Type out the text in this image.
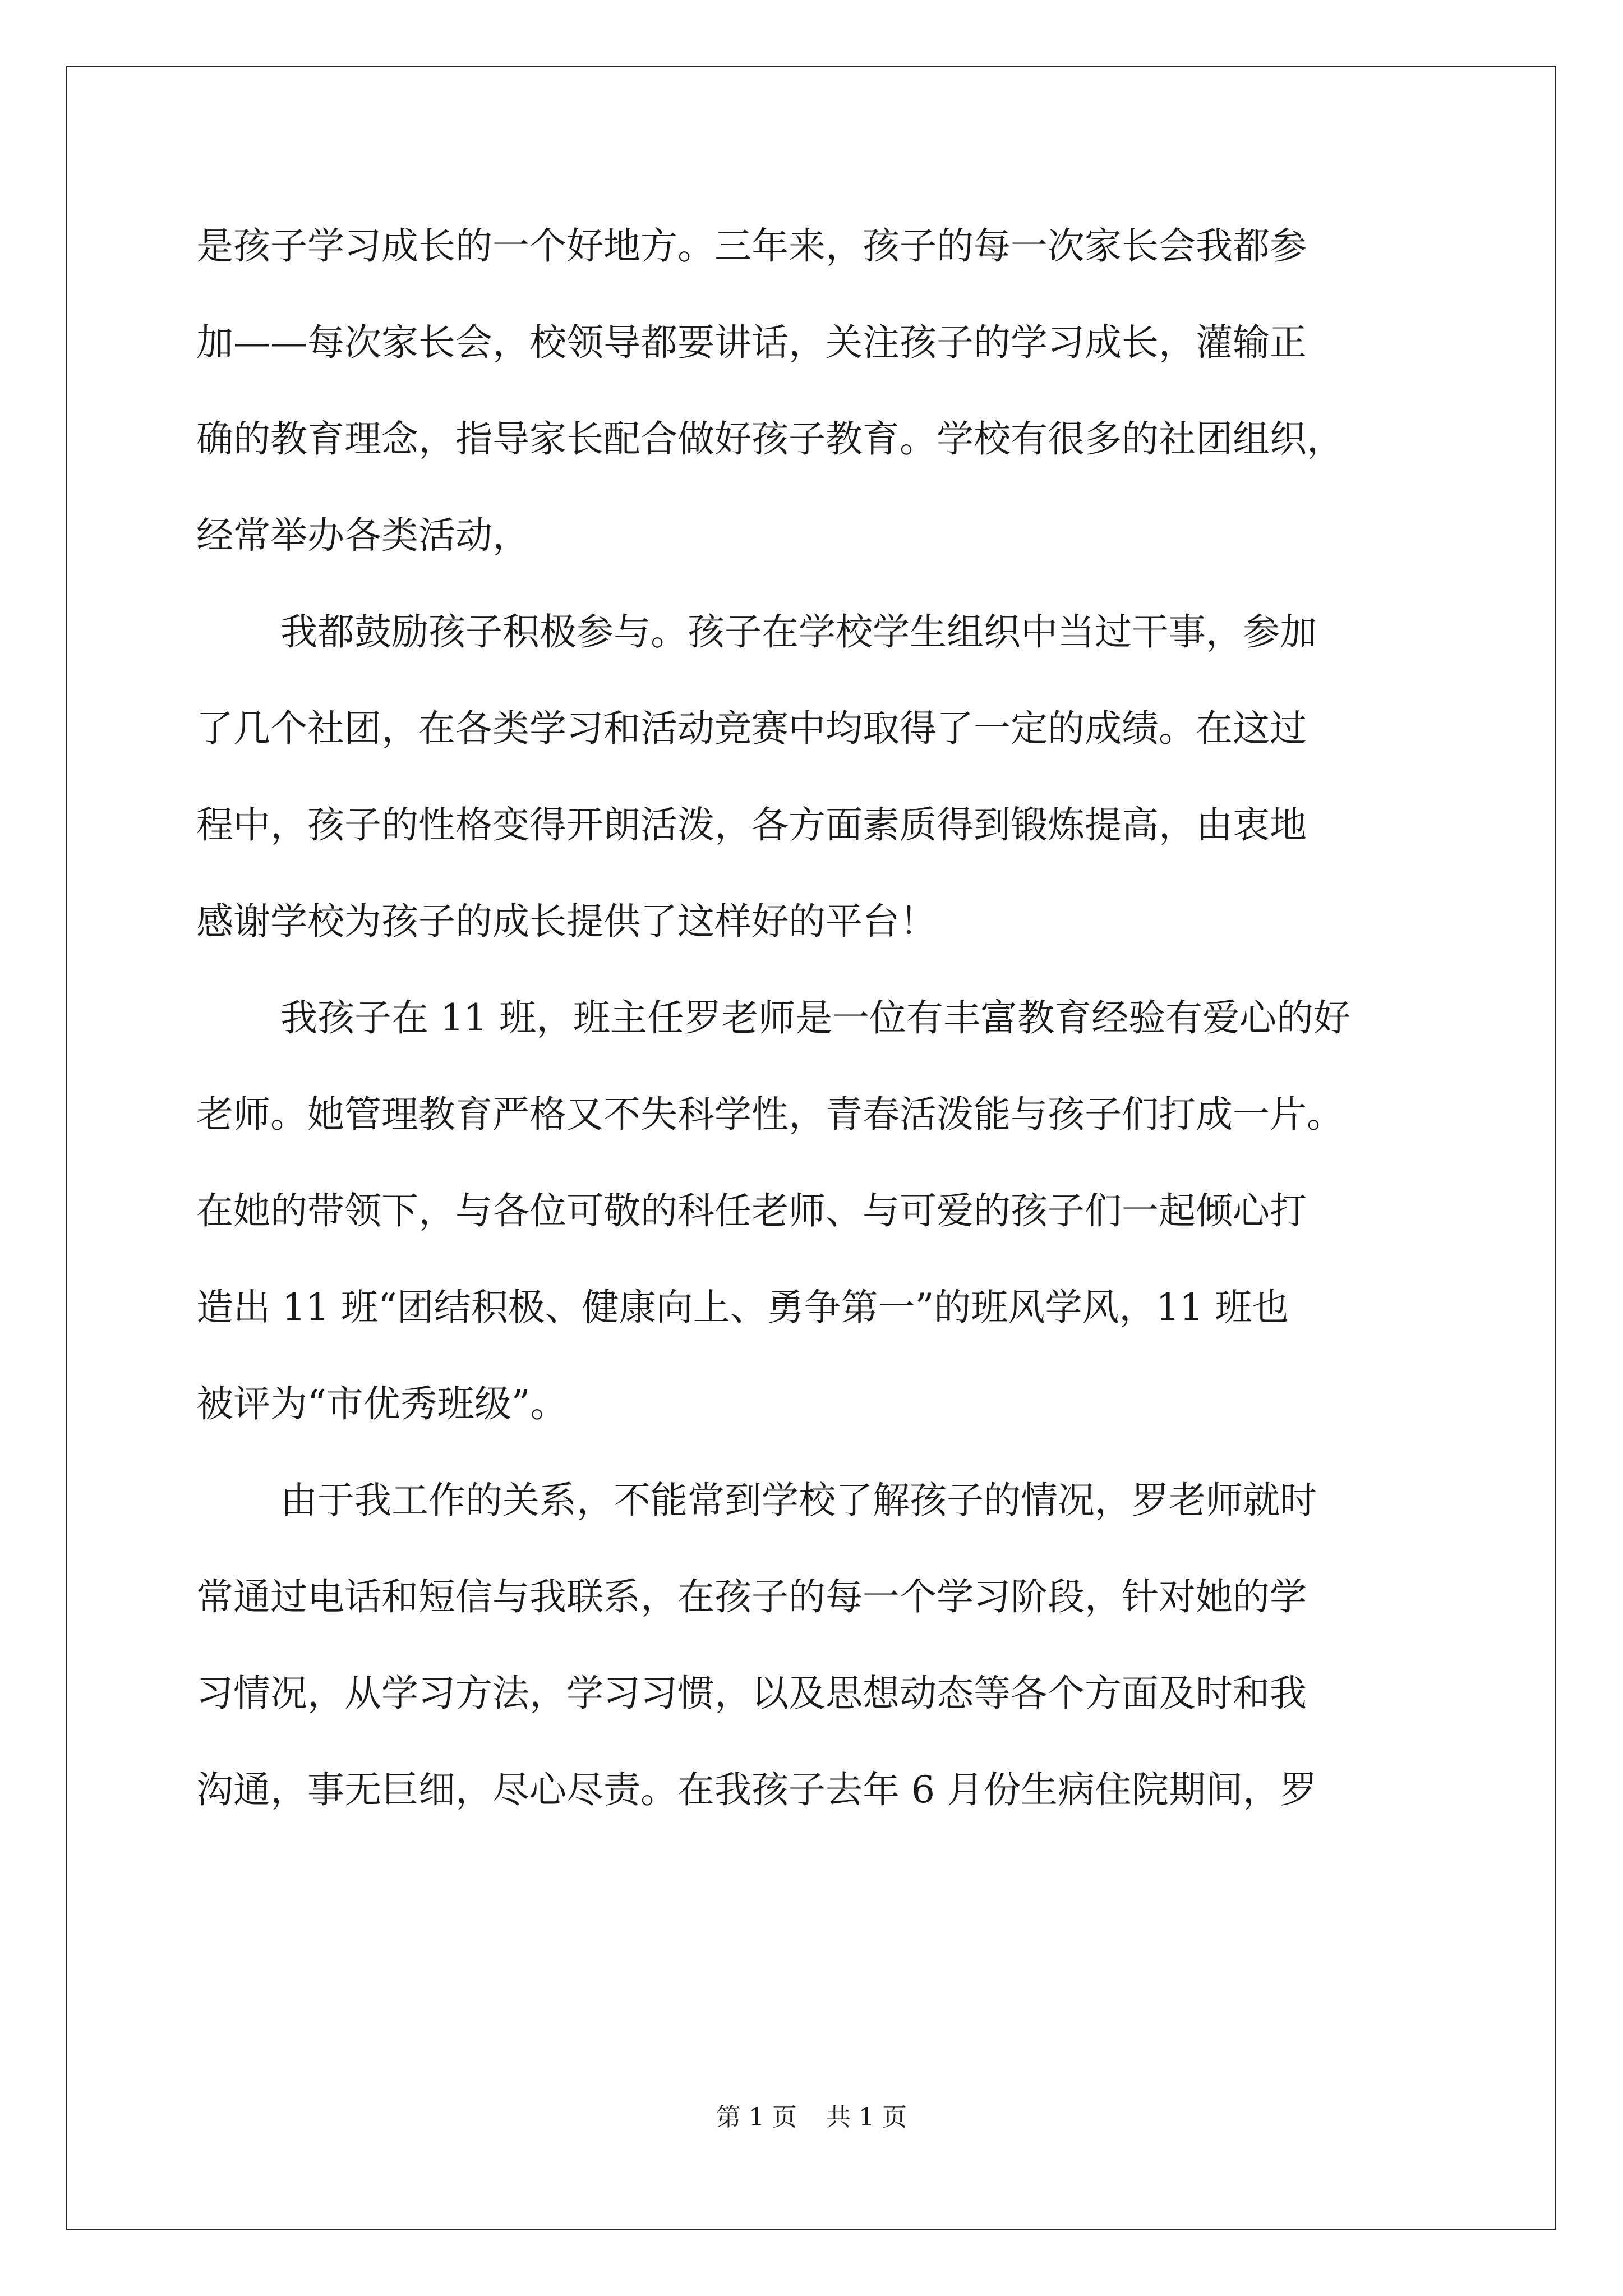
是孩子学习成长的一个好地方。三年来，孩子的每一次家长会我都参
加——每次家长会，校领导都要讲话，关注孩子的学习成长，灌输正
确的教育理念，指导家长配合做好孩子教育。学校有很多的社团组织，
经常举办各类活动，
我都鼓励孩子积极参与。孩子在学校学生组织中当过干事，参加
了几个社团，在各类学习和活动竞赛中均取得了一定的成绩。在这过
程中，孩子的性格变得开朗活泼，各方面素质得到锻炼提高，由衷地
感谢学校为孩子的成长提供了这样好的平台！
我孩子在 11 班，班主任罗老师是一位有丰富教育经验有爱心的好
老师。她管理教育严格又不失科学性，青春活泼能与孩子们打成一片。
在她的带领下，与各位可敬的科任老师、与可爱的孩子们一起倾心打
造出 11 班“团结积极、健康向上、勇争第一”的班风学风，11 班也
被评为“市优秀班级”。
由于我工作的关系，不能常到学校了解孩子的情况，罗老师就时
常通过电话和短信与我联系，在孩子的每一个学习阶段，针对她的学
习情况，从学习方法，学习习惯，以及思想动态等各个方面及时和我
沟通，事无巨细，尽心尽责。在我孩子去年 6 月份生病住院期间，罗
第 1 页 共 1 页
